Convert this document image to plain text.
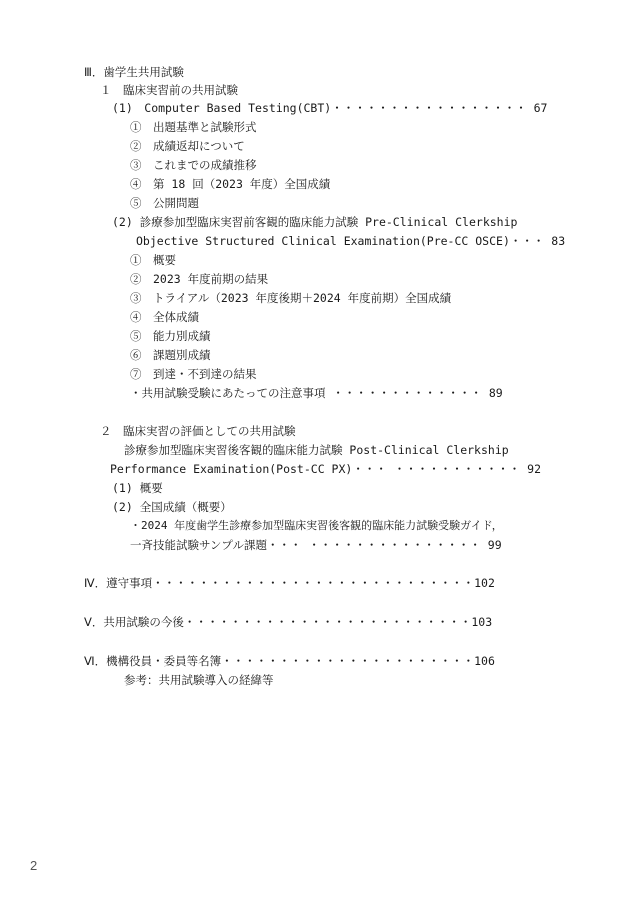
Ⅲ．歯学生共用試験
１　臨床実習前の共用試験
(1)　Computer Based Testing(CBT)・・・・・・・・・・・・・・・・・ 67
①　出題基準と試験形式
②　成績返却について
③　これまでの成績推移
④　第 18 回（2023 年度）全国成績
⑤　公開問題
(2) 診療参加型臨床実習前客観的臨床能力試験 Pre-Clinical Clerkship
Objective Structured Clinical Examination(Pre-CC OSCE)・・・ 83
①　概要
②　2023 年度前期の結果
③　トライアル（2023 年度後期＋2024 年度前期）全国成績
④　全体成績
⑤　能力別成績
⑥　課題別成績
⑦　到達・不到達の結果
・共用試験受験にあたっての注意事項 ・・・・・・・・・・・・・ 89
２　臨床実習の評価としての共用試験
診療参加型臨床実習後客観的臨床能力試験 Post-Clinical Clerkship
Performance Examination(Post-CC PX)・・・ ・・・・・・・・・・・ 92
(1) 概要
(2) 全国成績（概要）
・2024 年度歯学生診療参加型臨床実習後客観的臨床能力試験受験ガイド，
一斉技能試験サンプル課題・・・ ・・・・・・・・・・・・・・・ 99
Ⅳ．遵守事項・・・・・・・・・・・・・・・・・・・・・・・・・・・・102
Ⅴ．共用試験の今後・・・・・・・・・・・・・・・・・・・・・・・・・103
Ⅵ．機構役員・委員等名簿・・・・・・・・・・・・・・・・・・・・・・106
参考：共用試験導入の経緯等
2
